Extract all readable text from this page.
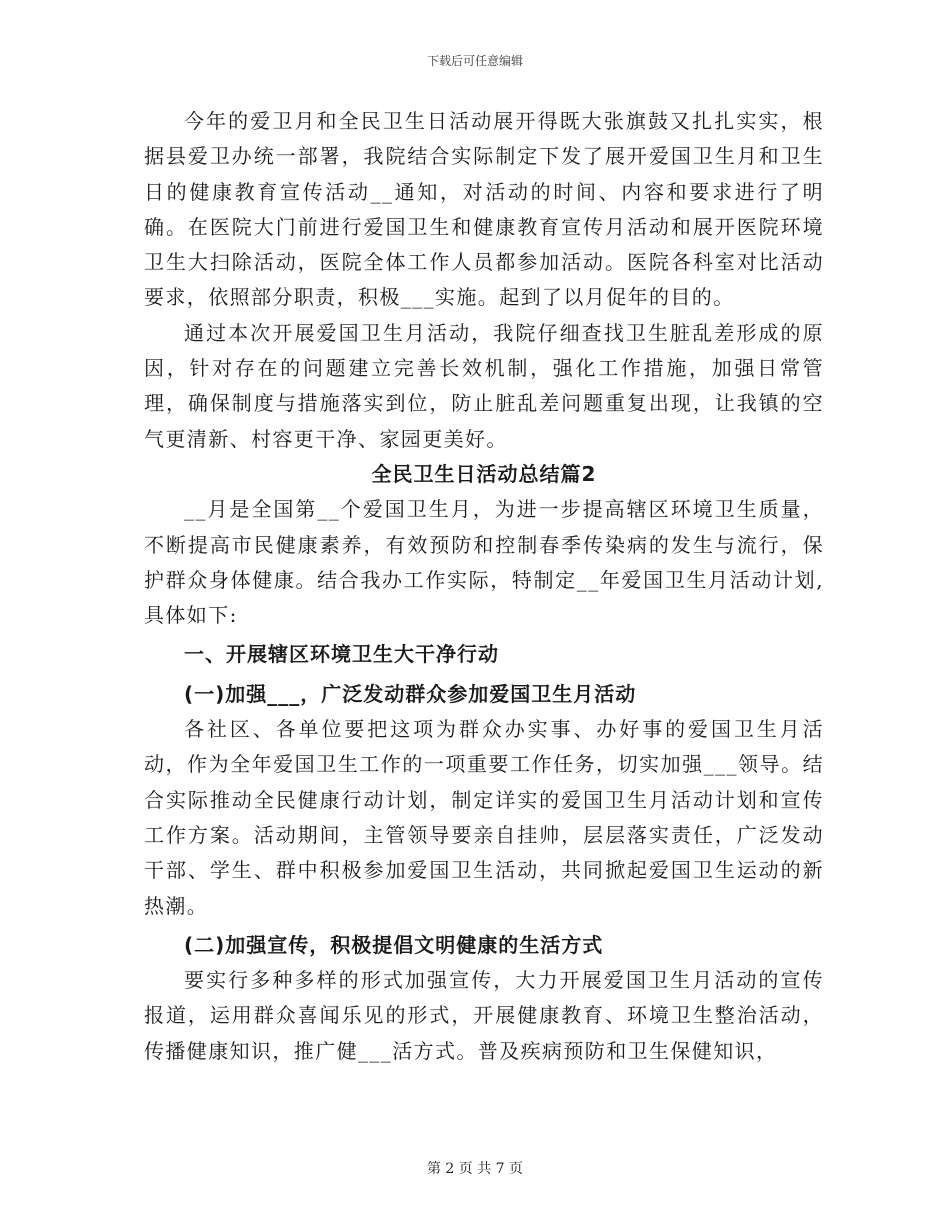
下载后可任意编辑

今年的爱卫月和全民卫生日活动展开得既大张旗鼓又扎扎实实，根据县爱卫办统一部署，我院结合实际制定下发了展开爱国卫生月和卫生日的健康教育宣传活动__通知，对活动的时间、内容和要求进行了明确。在医院大门前进行爱国卫生和健康教育宣传月活动和展开医院环境卫生大扫除活动，医院全体工作人员都参加活动。医院各科室对比活动要求，依照部分职责，积极___实施。起到了以月促年的目的。

通过本次开展爱国卫生月活动，我院仔细查找卫生脏乱差形成的原因，针对存在的问题建立完善长效机制，强化工作措施，加强日常管理，确保制度与措施落实到位，防止脏乱差问题重复出现，让我镇的空气更清新、村容更干净、家园更美好。

全民卫生日活动总结篇2

__月是全国第__个爱国卫生月，为进一步提高辖区环境卫生质量，不断提高市民健康素养，有效预防和控制春季传染病的发生与流行，保护群众身体健康。结合我办工作实际，特制定__年爱国卫生月活动计划,具体如下:

一、开展辖区环境卫生大干净行动

(一)加强___，广泛发动群众参加爱国卫生月活动

各社区、各单位要把这项为群众办实事、办好事的爱国卫生月活动，作为全年爱国卫生工作的一项重要工作任务，切实加强___领导。结合实际推动全民健康行动计划，制定详实的爱国卫生月活动计划和宣传工作方案。活动期间，主管领导要亲自挂帅，层层落实责任，广泛发动干部、学生、群中积极参加爱国卫生活动，共同掀起爱国卫生运动的新热潮。

(二)加强宣传，积极提倡文明健康的生活方式

要实行多种多样的形式加强宣传，大力开展爱国卫生月活动的宣传报道，运用群众喜闻乐见的形式，开展健康教育、环境卫生整治活动，传播健康知识，推广健___活方式。普及疾病预防和卫生保健知识，

第 2 页 共 7 页
